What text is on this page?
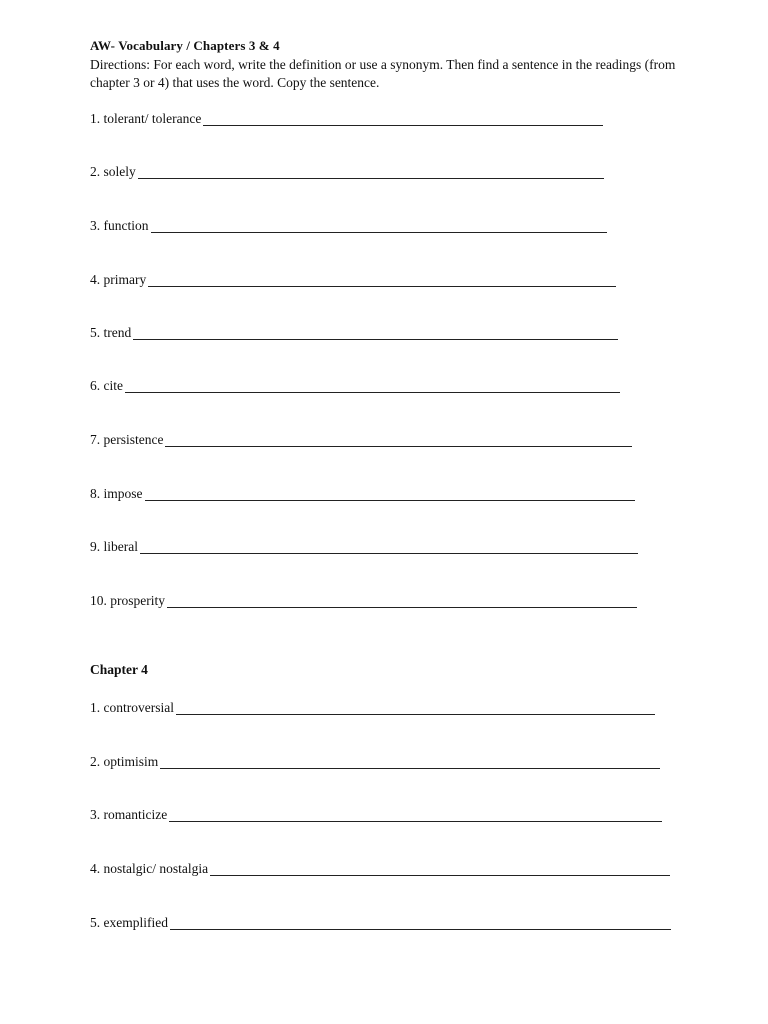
AW- Vocabulary / Chapters 3 & 4
Directions: For each word, write the definition or use a synonym. Then find a sentence in the readings (from chapter 3 or 4) that uses the word. Copy the sentence.
1. tolerant/ tolerance
2. solely
3. function
4. primary
5. trend
6. cite
7. persistence
8. impose
9. liberal
10. prosperity
Chapter 4
1. controversial
2. optimisim
3. romanticize
4. nostalgic/ nostalgia
5. exemplified
